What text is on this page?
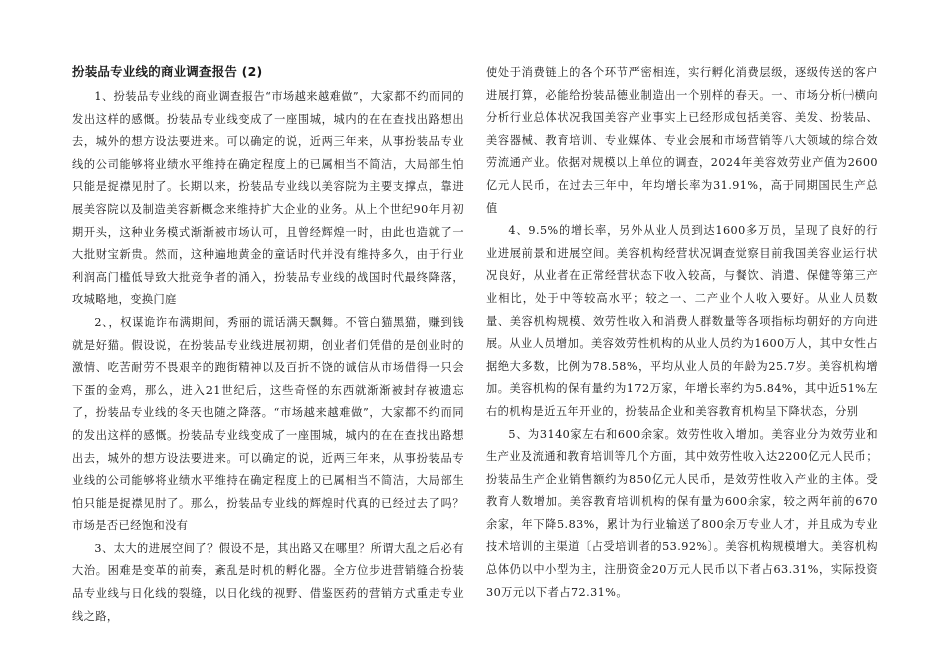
扮装品专业线的商业调查报告 (2)

1、扮装品专业线的商业调查报告“市场越来越难做”，大家都不约而同的发出这样的感慨。扮装品专业线变成了一座围城，城内的在在查找出路想出去，城外的想方设法要进来。可以确定的说，近两三年来，从事扮装品专业线的公司能够将业绩水平维持在确定程度上的已属相当不简洁，大局部生怕只能是捉襟见肘了。长期以来，扮装品专业线以美容院为主要支撑点，靠进展美容院以及制造美容新概念来维持扩大企业的业务。从上个世纪90年月初期开头，这种业务模式渐渐被市场认可，且曾经辉煌一时，由此也造就了一大批财宝新贵。然而，这种遍地黄金的童话时代并没有维持多久，由于行业利润高门槛低导致大批竞争者的涌入，扮装品专业线的战国时代最终降落，攻城略地，变换门庭

2、，权谋诡诈布满期间，秀丽的谎话满天飘舞。不管白猫黑猫，赚到钱就是好猫。假设说，在扮装品专业线进展初期，创业者们凭借的是创业时的激情、吃苦耐劳不畏艰辛的跑街精神以及百折不饶的诚信从市场借得一只会下蛋的金鸡，那么，进入21世纪后，这些奇怪的东西就渐渐被封存被遗忘了，扮装品专业线的冬天也随之降落。“市场越来越难做”，大家都不约而同的发出这样的感慨。扮装品专业线变成了一座围城，城内的在在查找出路想出去，城外的想方设法要进来。可以确定的说，近两三年来，从事扮装品专业线的公司能够将业绩水平维持在确定程度上的已属相当不简洁，大局部生怕只能是捉襟见肘了。那么，扮装品专业线的辉煌时代真的已经过去了吗？市场是否已经饱和没有

3、太大的进展空间了？假设不是，其出路又在哪里？所谓大乱之后必有大治。困难是变革的前奏，紊乱是时机的孵化器。全方位步进营销缝合扮装品专业线与日化线的裂缝，以日化线的视野、借鉴医药的营销方式重走专业线之路，

使处于消费链上的各个环节严密相连，实行孵化消费层级，逐级传送的客户进展打算，必能给扮装品德业制造出一个别样的春天。一、市场分析㈠横向分析行业总体状况我国美容产业事实上已经形成包括美容、美发、扮装品、美容器械、教育培训、专业媒体、专业会展和市场营销等八大领域的综合效劳流通产业。依据对规模以上单位的调查，2024年美容效劳业产值为2600亿元人民币，在过去三年中，年均增长率为31.91%，高于同期国民生产总值

4、9.5%的增长率，另外从业人员到达1600多万员，呈现了良好的行业进展前景和进展空间。美容机构经营状况调查觉察目前我国美容业运行状况良好，从业者在正常经营状态下收入较高，与餐饮、消遣、保健等第三产业相比，处于中等较高水平；较之一、二产业个人收入要好。从业人员数量、美容机构规模、效劳性收入和消费人群数量等各项指标均朝好的方向进展。从业人员增加。美容效劳性机构的从业人员约为1600万人，其中女性占据绝大多数，比例为78.58%，平均从业人员的年龄为25.7岁。美容机构增加。美容机构的保有量约为172万家，年增长率约为5.84%，其中近51%左右的机构是近五年开业的，扮装品企业和美容教育机构呈下降状态，分别

5、为3140家左右和600余家。效劳性收入增加。美容业分为效劳业和生产业及流通和教育培训等几个方面，其中效劳性收入达2200亿元人民币；扮装品生产企业销售额约为850亿元人民币，是效劳性收入产业的主体。受教育人数增加。美容教育培训机构的保有量为600余家，较之两年前的670余家，年下降5.83%，累计为行业输送了800余万专业人才，并且成为专业技术培训的主渠道〔占受培训者的53.92%〕。美容机构规模增大。美容机构总体仍以中小型为主，注册资金20万元人民币以下者占63.31%，实际投资30万元以下者占72.31%。
